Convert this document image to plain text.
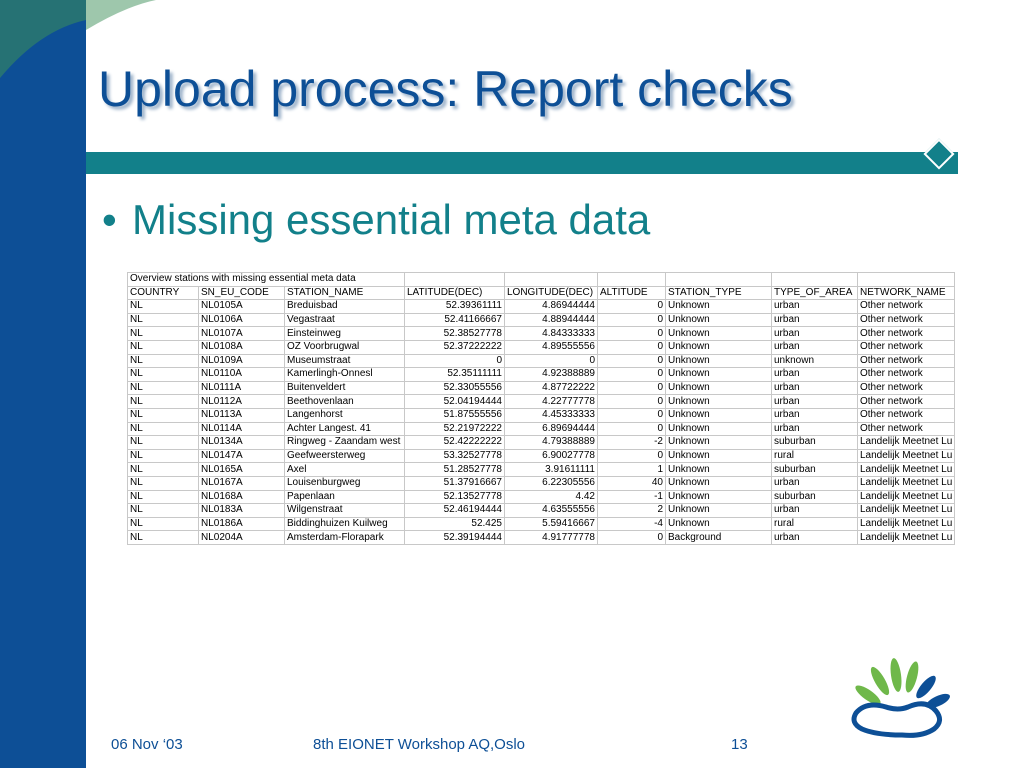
Upload process: Report checks
• Missing essential meta data
Overview stations with missing essential meta data								
COUNTRY	SN_EU_CODE	STATION_NAME	LATITUDE(DEC)	LONGITUDE(DEC)	ALTITUDE	STATION_TYPE	TYPE_OF_AREA	NETWORK_NAME
NL	NL0105A	Breduisbad	52.39361111	4.86944444	0	Unknown	urban	Other network
NL	NL0106A	Vegastraat	52.41166667	4.88944444	0	Unknown	urban	Other network
NL	NL0107A	Einsteinweg	52.38527778	4.84333333	0	Unknown	urban	Other network
NL	NL0108A	OZ Voorbrugwal	52.37222222	4.89555556	0	Unknown	urban	Other network
NL	NL0109A	Museumstraat	0	0	0	Unknown	unknown	Other network
NL	NL0110A	Kamerlingh-Onnesl	52.35111111	4.92388889	0	Unknown	urban	Other network
NL	NL0111A	Buitenveldert	52.33055556	4.87722222	0	Unknown	urban	Other network
NL	NL0112A	Beethovenlaan	52.04194444	4.22777778	0	Unknown	urban	Other network
NL	NL0113A	Langenhorst	51.87555556	4.45333333	0	Unknown	urban	Other network
NL	NL0114A	Achter Langest. 41	52.21972222	6.89694444	0	Unknown	urban	Other network
NL	NL0134A	Ringweg - Zaandam west	52.42222222	4.79388889	-2	Unknown	suburban	Landelijk Meetnet Lu
NL	NL0147A	Geefweersterweg	53.32527778	6.90027778	0	Unknown	rural	Landelijk Meetnet Lu
NL	NL0165A	Axel	51.28527778	3.91611111	1	Unknown	suburban	Landelijk Meetnet Lu
NL	NL0167A	Louisenburgweg	51.37916667	6.22305556	40	Unknown	urban	Landelijk Meetnet Lu
NL	NL0168A	Papenlaan	52.13527778	4.42	-1	Unknown	suburban	Landelijk Meetnet Lu
NL	NL0183A	Wilgenstraat	52.46194444	4.63555556	2	Unknown	urban	Landelijk Meetnet Lu
NL	NL0186A	Biddinghuizen Kuilweg	52.425	5.59416667	-4	Unknown	rural	Landelijk Meetnet Lu
NL	NL0204A	Amsterdam-Florapark	52.39194444	4.91777778	0	Background	urban	Landelijk Meetnet Lu
06 Nov ‘03	8th EIONET Workshop AQ,Oslo	13
